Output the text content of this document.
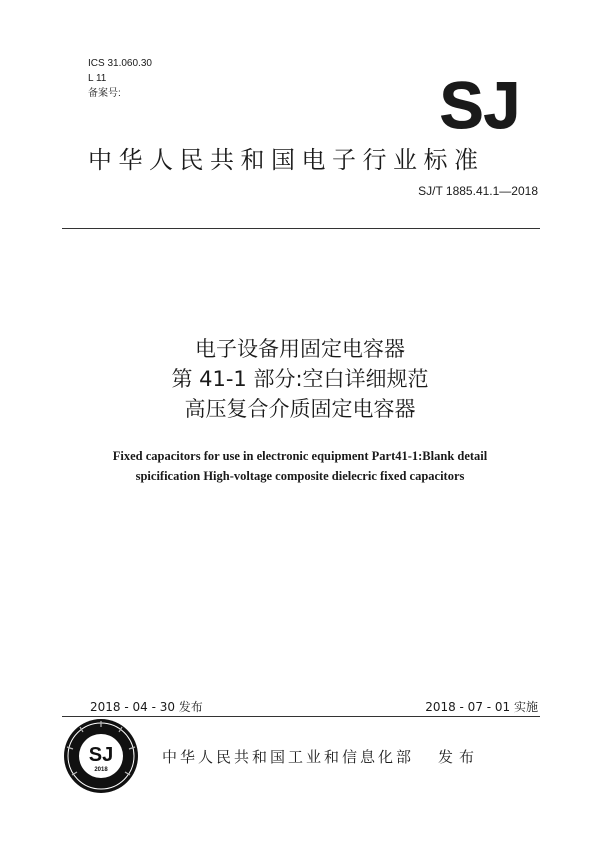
ICS 31.060.30
L 11
备案号:	SJ
中华人民共和国电子行业标准
SJ/T 1885.41.1—2018
电子设备用固定电容器
第 41-1 部分:空白详细规范
高压复合介质固定电容器
Fixed capacitors for use in electronic equipment Part41-1:Blank detail
spicification High-voltage composite dielecric fixed capacitors
2018 - 04 - 30 发布	2018 - 07 - 01 实施
SJ
2018
中华人民共和国工业和信息化部 发布
